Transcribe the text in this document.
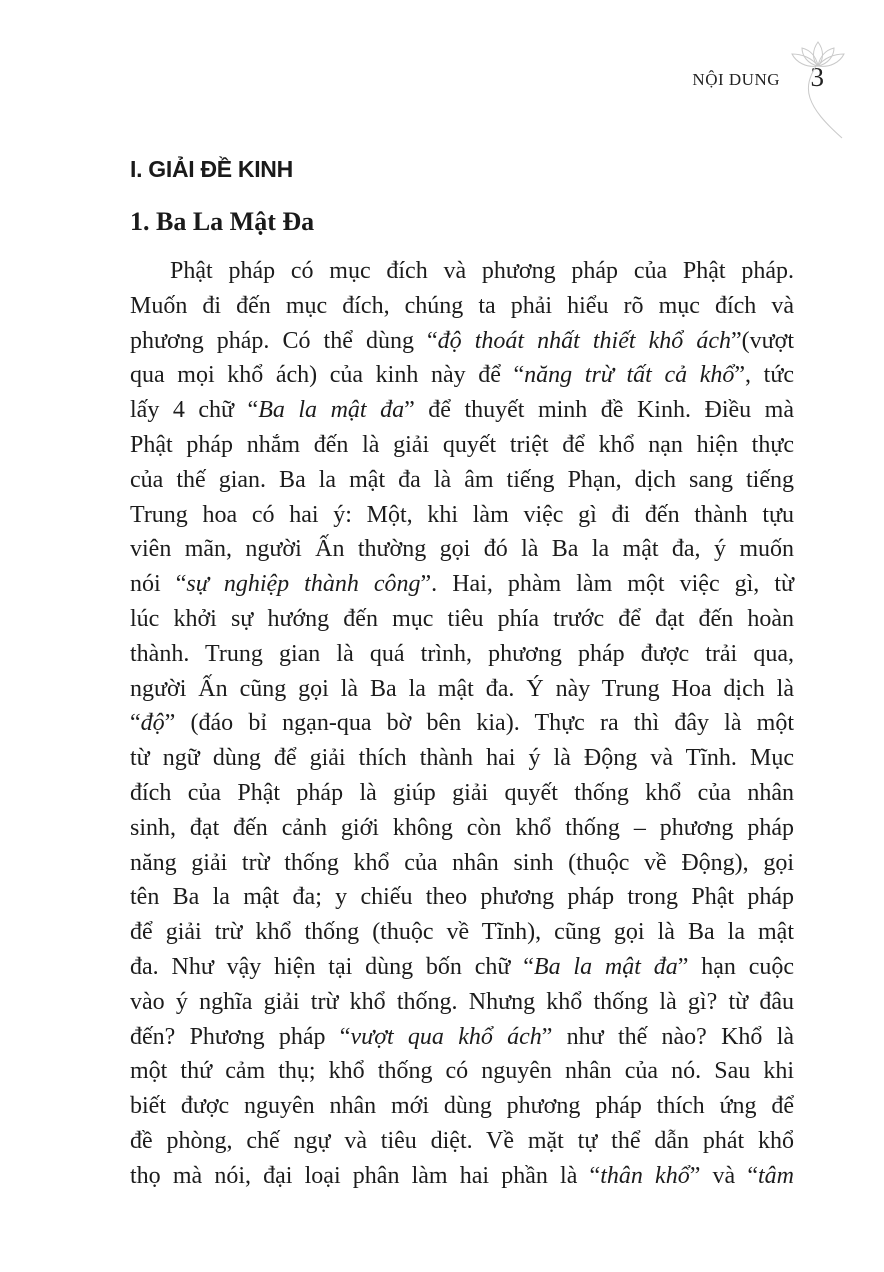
NỘI DUNG 3
I. GIẢI ĐỀ KINH
1. Ba La Mật Đa
Phật pháp có mục đích và phương pháp của Phật pháp.
Muốn đi đến mục đích, chúng ta phải hiểu rõ mục đích và
phương pháp. Có thể dùng “độ thoát nhất thiết khổ ách”(vượt
qua mọi khổ ách) của kinh này để “năng trừ tất cả khổ”, tức
lấy 4 chữ “Ba la mật đa” để thuyết minh đề Kinh. Điều mà
Phật pháp nhắm đến là giải quyết triệt để khổ nạn hiện thực
của thế gian. Ba la mật đa là âm tiếng Phạn, dịch sang tiếng
Trung hoa có hai ý: Một, khi làm việc gì đi đến thành tựu
viên mãn, người Ấn thường gọi đó là Ba la mật đa, ý muốn
nói “sự nghiệp thành công”. Hai, phàm làm một việc gì, từ
lúc khởi sự hướng đến mục tiêu phía trước để đạt đến hoàn
thành. Trung gian là quá trình, phương pháp được trải qua,
người Ấn cũng gọi là Ba la mật đa. Ý này Trung Hoa dịch là
“độ” (đáo bỉ ngạn-qua bờ bên kia). Thực ra thì đây là một
từ ngữ dùng để giải thích thành hai ý là Động và Tĩnh. Mục
đích của Phật pháp là giúp giải quyết thống khổ của nhân
sinh, đạt đến cảnh giới không còn khổ thống – phương pháp
năng giải trừ thống khổ của nhân sinh (thuộc về Động), gọi
tên Ba la mật đa; y chiếu theo phương pháp trong Phật pháp
để giải trừ khổ thống (thuộc về Tĩnh), cũng gọi là Ba la mật
đa. Như vậy hiện tại dùng bốn chữ “Ba la mật đa” hạn cuộc
vào ý nghĩa giải trừ khổ thống. Nhưng khổ thống là gì? từ đâu
đến? Phương pháp “vượt qua khổ ách” như thế nào? Khổ là
một thứ cảm thụ; khổ thống có nguyên nhân của nó. Sau khi
biết được nguyên nhân mới dùng phương pháp thích ứng để
đề phòng, chế ngự và tiêu diệt. Về mặt tự thể dẫn phát khổ
thọ mà nói, đại loại phân làm hai phần là “thân khổ” và “tâm
